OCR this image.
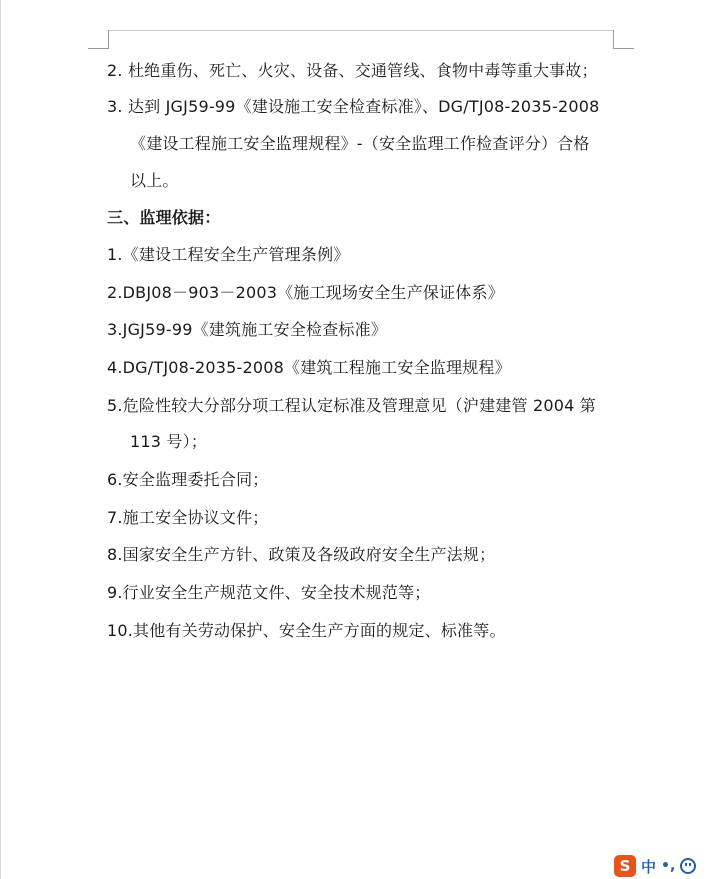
2. 杜绝重伤、死亡、火灾、设备、交通管线、食物中毒等重大事故；
3. 达到 JGJ59-99《建设施工安全检查标准》、DG/TJ08-2035-2008
《建设工程施工安全监理规程》-（安全监理工作检查评分）合格
以上。
三、监理依据：
1.《建设工程安全生产管理条例》
2.DBJ08－903－2003《施工现场安全生产保证体系》
3.JGJ59-99《建筑施工安全检查标准》
4.DG/TJ08-2035-2008《建筑工程施工安全监理规程》
5.危险性较大分部分项工程认定标准及管理意见（沪建建管 2004 第
113 号）；
6.安全监理委托合同；
7.施工安全协议文件；
8.国家安全生产方针、政策及各级政府安全生产法规；
9.行业安全生产规范文件、安全技术规范等；
10.其他有关劳动保护、安全生产方面的规定、标准等。
S 中 •,
